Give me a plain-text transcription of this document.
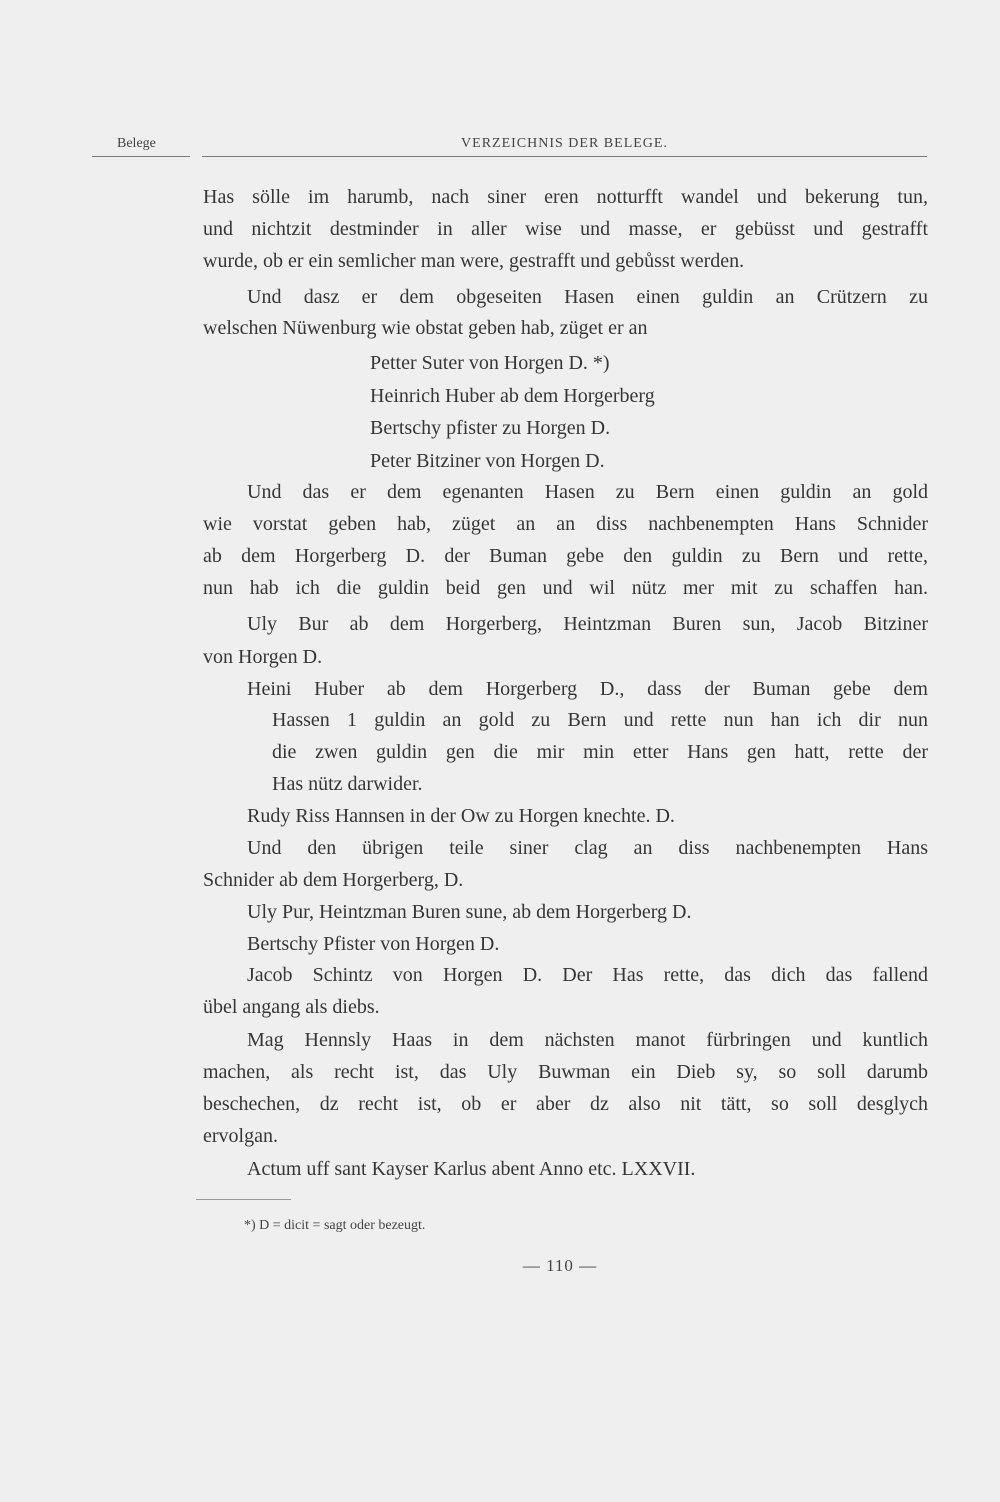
Belege	VERZEICHNIS DER BELEGE.
Has sölle im harumb, nach siner eren notturfft wandel und bekerung tun,
und nichtzit destminder in aller wise und masse, er gebüsst und gestrafft
wurde, ob er ein semlicher man were, gestrafft und gebůsst werden.
Und dasz er dem obgeseiten Hasen einen guldin an Crützern zu
welschen Nüwenburg wie obstat geben hab, züget er an
Petter Suter von Horgen D. *)
Heinrich Huber ab dem Horgerberg
Bertschy pfister zu Horgen D.
Peter Bitziner von Horgen D.
Und das er dem egenanten Hasen zu Bern einen guldin an gold
wie vorstat geben hab, züget an an diss nachbenempten Hans Schnider
ab dem Horgerberg D. der Buman gebe den guldin zu Bern und rette,
nun hab ich die guldin beid gen und wil nütz mer mit zu schaffen han.
Uly Bur ab dem Horgerberg, Heintzman Buren sun, Jacob Bitziner
von Horgen D.
Heini Huber ab dem Horgerberg D., dass der Buman gebe dem
Hassen 1 guldin an gold zu Bern und rette nun han ich dir nun
die zwen guldin gen die mir min etter Hans gen hatt, rette der
Has nütz darwider.
Rudy Riss Hannsen in der Ow zu Horgen knechte. D.
Und den übrigen teile siner clag an diss nachbenempten Hans
Schnider ab dem Horgerberg, D.
Uly Pur, Heintzman Buren sune, ab dem Horgerberg D.
Bertschy Pfister von Horgen D.
Jacob Schintz von Horgen D. Der Has rette, das dich das fallend
übel angang als diebs.
Mag Hennsly Haas in dem nächsten manot fürbringen und kuntlich
machen, als recht ist, das Uly Buwman ein Dieb sy, so soll darumb
beschechen, dz recht ist, ob er aber dz also nit tätt, so soll desglych
ervolgan.
Actum uff sant Kayser Karlus abent Anno etc. LXXVII.
*) D = dicit = sagt oder bezeugt.
— 110 —
